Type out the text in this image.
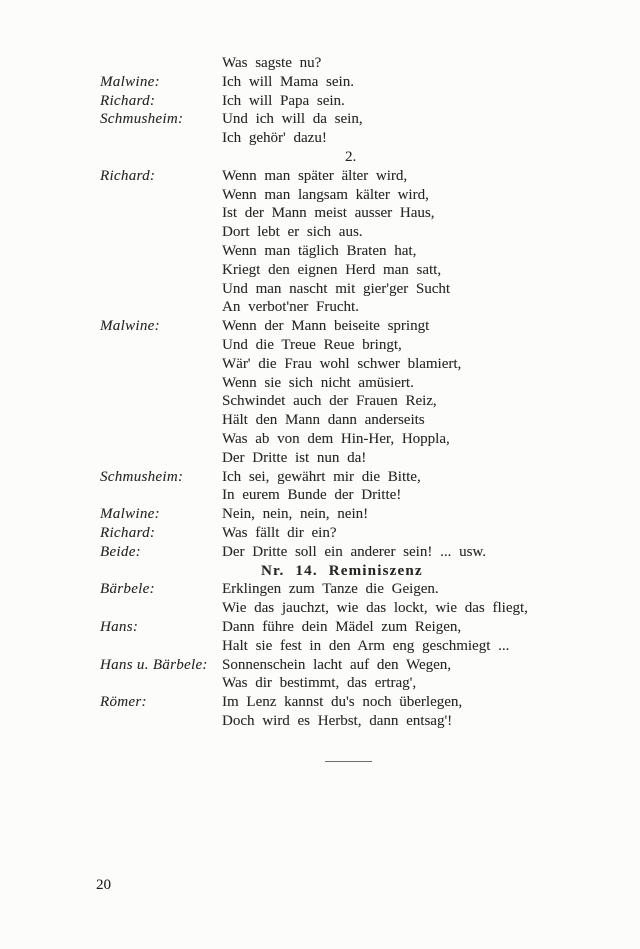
Was sagste nu?
Malwine:	Ich will Mama sein.
Richard:	Ich will Papa sein.
Schmusheim:	Und ich will da sein,
Ich gehör' dazu!
2.
Richard:	Wenn man später älter wird,
Wenn man langsam kälter wird,
Ist der Mann meist ausser Haus,
Dort lebt er sich aus.
Wenn man täglich Braten hat,
Kriegt den eignen Herd man satt,
Und man nascht mit gier'ger Sucht
An verbot'ner Frucht.
Malwine:	Wenn der Mann beiseite springt
Und die Treue Reue bringt,
Wär' die Frau wohl schwer blamiert,
Wenn sie sich nicht amüsiert.
Schwindet auch der Frauen Reiz,
Hält den Mann dann anderseits
Was ab von dem Hin-Her, Hoppla,
Der Dritte ist nun da!
Schmusheim:	Ich sei, gewährt mir die Bitte,
In eurem Bunde der Dritte!
Malwine:	Nein, nein, nein, nein!
Richard:	Was fällt dir ein?
Beide:	Der Dritte soll ein anderer sein! ... usw.
Nr. 14. Reminiszenz
Bärbele:	Erklingen zum Tanze die Geigen.
Wie das jauchzt, wie das lockt, wie das fliegt,
Hans:	Dann führe dein Mädel zum Reigen,
Halt sie fest in den Arm eng geschmiegt ...
Hans u. Bärbele: Sonnenschein lacht auf den Wegen,
Was dir bestimmt, das ertrag',
Römer:	Im Lenz kannst du's noch überlegen,
Doch wird es Herbst, dann entsag'!
20
